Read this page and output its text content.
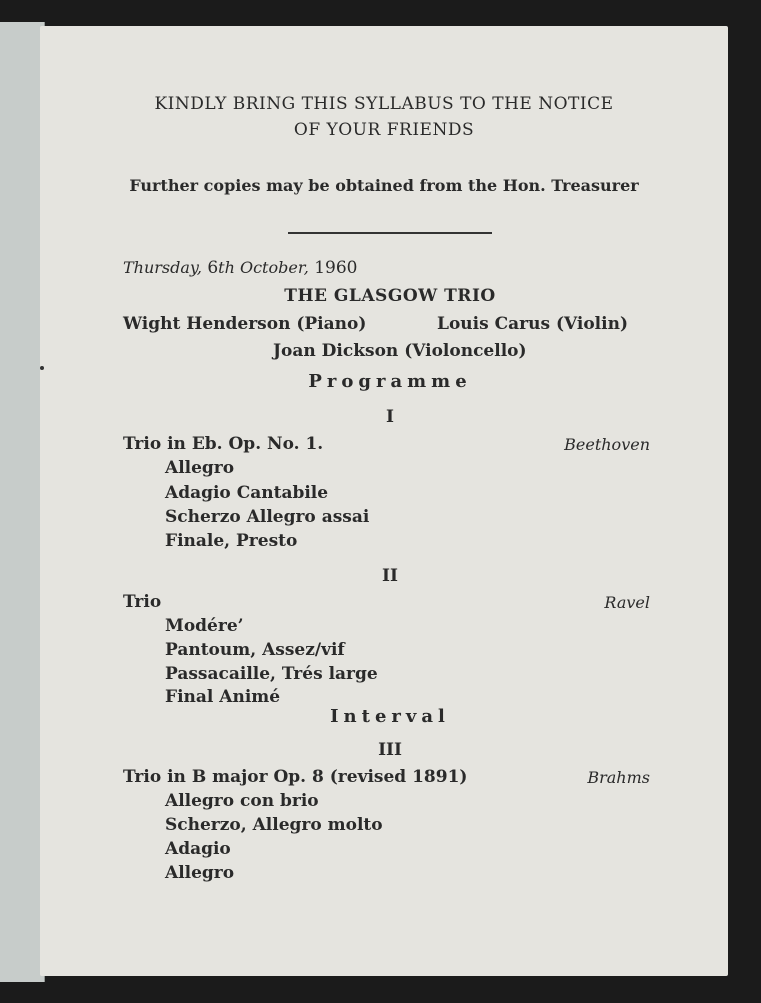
KINDLY BRING THIS SYLLABUS TO THE NOTICE
OF YOUR FRIENDS
Further copies may be obtained from the Hon. Treasurer
Thursday, 6th October, 1960
THE GLASGOW TRIO
Wight Henderson (Piano)	Louis Carus (Violin)
Joan Dickson (Violoncello)
Programme
I
Trio in Eb. Op. No. 1.	Beethoven
Allegro
Adagio Cantabile
Scherzo Allegro assai
Finale, Presto
II
Trio	Ravel
Modére’
Pantoum, Assez/vif
Passacaille, Trés large
Final Animé
Interval
III
Trio in B major Op. 8 (revised 1891)	Brahms
Allegro con brio
Scherzo, Allegro molto
Adagio
Allegro
